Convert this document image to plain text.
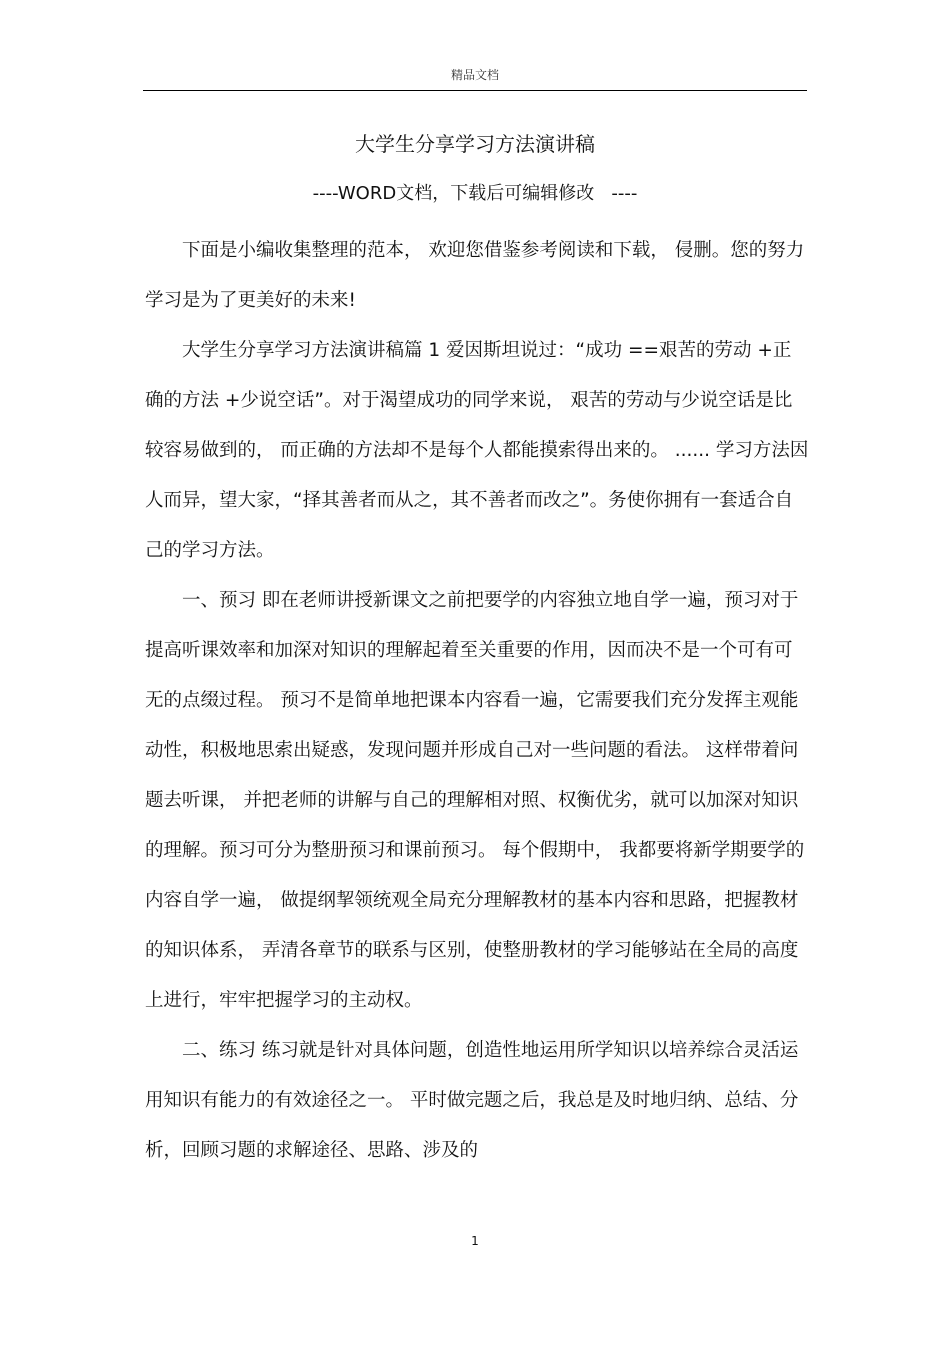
精品文档
大学生分享学习方法演讲稿
----WORD文档，下载后可编辑修改   ----

下面是小编收集整理的范本， 欢迎您借鉴参考阅读和下载， 侵删。您的努力学习是为了更美好的未来!

大学生分享学习方法演讲稿篇 1 爱因斯坦说过：“成功 ==艰苦的劳动 +正确的方法 +少说空话”。对于渴望成功的同学来说， 艰苦的劳动与少说空话是比较容易做到的， 而正确的方法却不是每个人都能摸索得出来的。 ...... 学习方法因人而异，望大家，“择其善者而从之，其不善者而改之”。务使你拥有一套适合自己的学习方法。

一、预习 即在老师讲授新课文之前把要学的内容独立地自学一遍，预习对于提高听课效率和加深对知识的理解起着至关重要的作用，因而决不是一个可有可无的点缀过程。 预习不是简单地把课本内容看一遍，它需要我们充分发挥主观能动性，积极地思索出疑惑，发现问题并形成自己对一些问题的看法。 这样带着问题去听课， 并把老师的讲解与自己的理解相对照、权衡优劣，就可以加深对知识的理解。预习可分为整册预习和课前预习。 每个假期中， 我都要将新学期要学的内容自学一遍， 做提纲挈领统观全局充分理解教材的基本内容和思路，把握教材的知识体系， 弄清各章节的联系与区别，使整册教材的学习能够站在全局的高度上进行，牢牢把握学习的主动权。

二、练习 练习就是针对具体问题，创造性地运用所学知识以培养综合灵活运用知识有能力的有效途径之一。 平时做完题之后，我总是及时地归纳、总结、分析，回顾习题的求解途径、思路、涉及的

1
